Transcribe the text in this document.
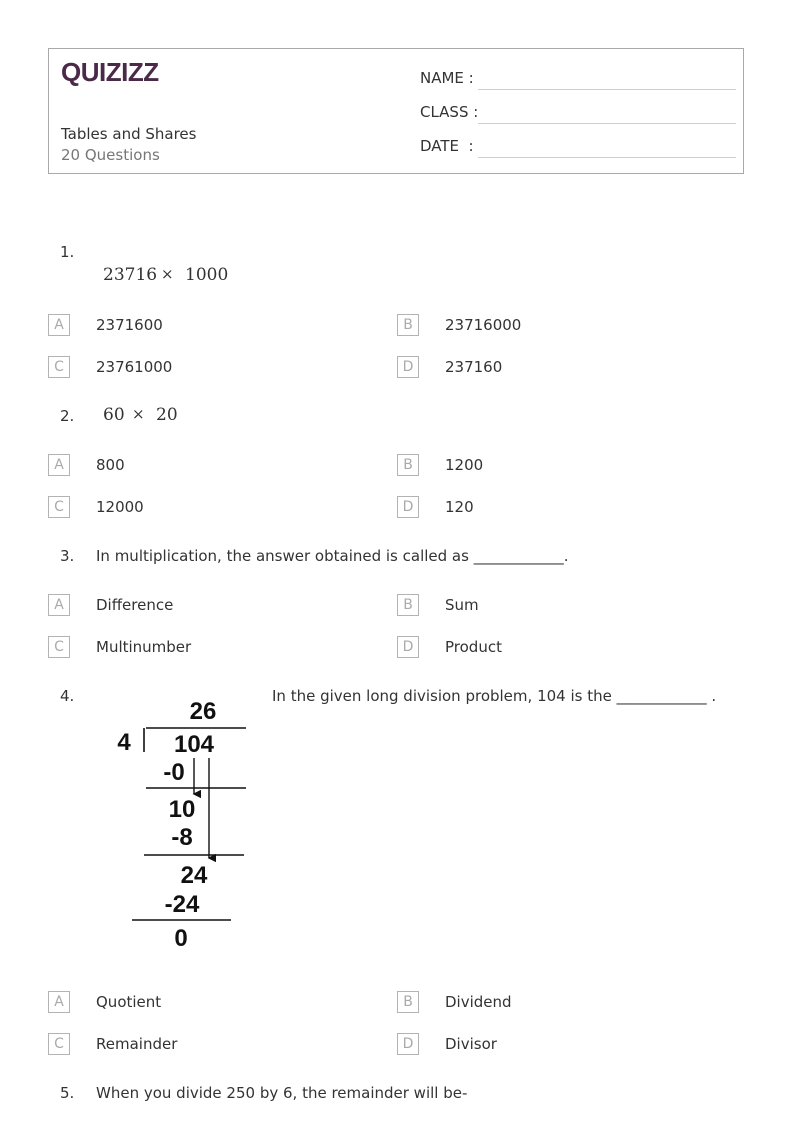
QUIZIZZ
Tables and Shares
20 Questions
NAME :
CLASS :
DATE  :
1.
23716 × 1000
A	2371600	B	23716000
C	23761000	D	237160
2. 60 × 20
A	800	B	1200
C	12000	D	120
3. In multiplication, the answer obtained is called as ____________.
A	Difference	B	Sum
C	Multinumber	D	Product
4.	In the given long division problem, 104 is the ____________ .
26
4 104
-0
10
-8
24
-24
0
A	Quotient	B	Dividend
C	Remainder	D	Divisor
5. When you divide 250 by 6, the remainder will be-
